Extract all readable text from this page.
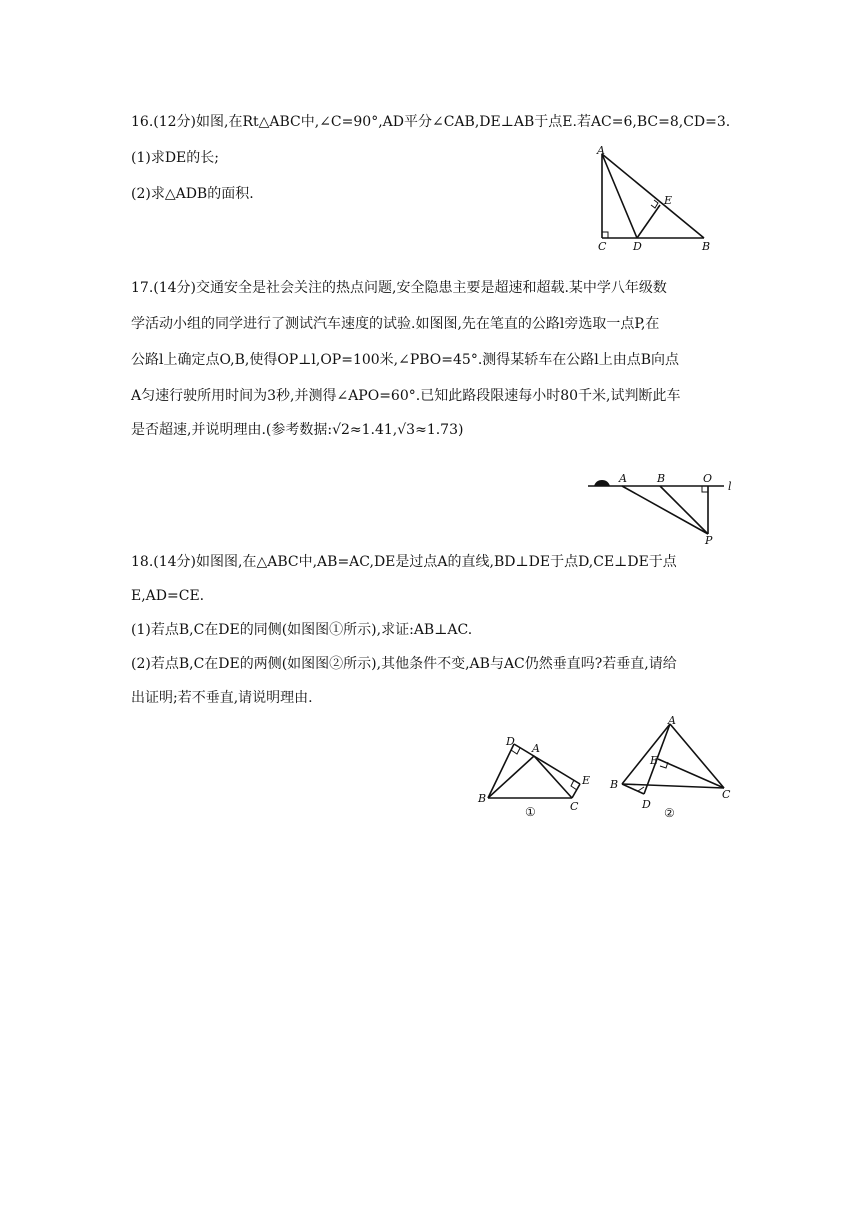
16.(12分)如图,在Rt△ABC中,∠C=90°,AD平分∠CAB,DE⊥AB于点E.若AC=6,BC=8,CD=3.
(1)求DE的长;
(2)求△ADB的面积.
A
E
C D	B
17.(14分)交通安全是社会关注的热点问题,安全隐患主要是超速和超载.某中学八年级数
学活动小组的同学进行了测试汽车速度的试验.如图图,先在笔直的公路l旁选取一点P,在
公路l上确定点O,B,使得OP⊥l,OP=100米,∠PBO=45°.测得某轿车在公路l上由点B向点
A匀速行驶所用时间为3秒,并测得∠APO=60°.已知此路段限速每小时80千米,试判断此车
是否超速,并说明理由.(参考数据:√2≈1.41,√3≈1.73)
A	B	O
l
P
18.(14分)如图图,在△ABC中,AB=AC,DE是过点A的直线,BD⊥DE于点D,CE⊥DE于点
E,AD=CE.
(1)若点B,C在DE的同侧(如图图①所示),求证:AB⊥AC.
(2)若点B,C在DE的两侧(如图图②所示),其他条件不变,AB与AC仍然垂直吗?若垂直,请给
出证明;若不垂直,请说明理由.
D
A
E
B
C
①
A
E
B
C
D
②
